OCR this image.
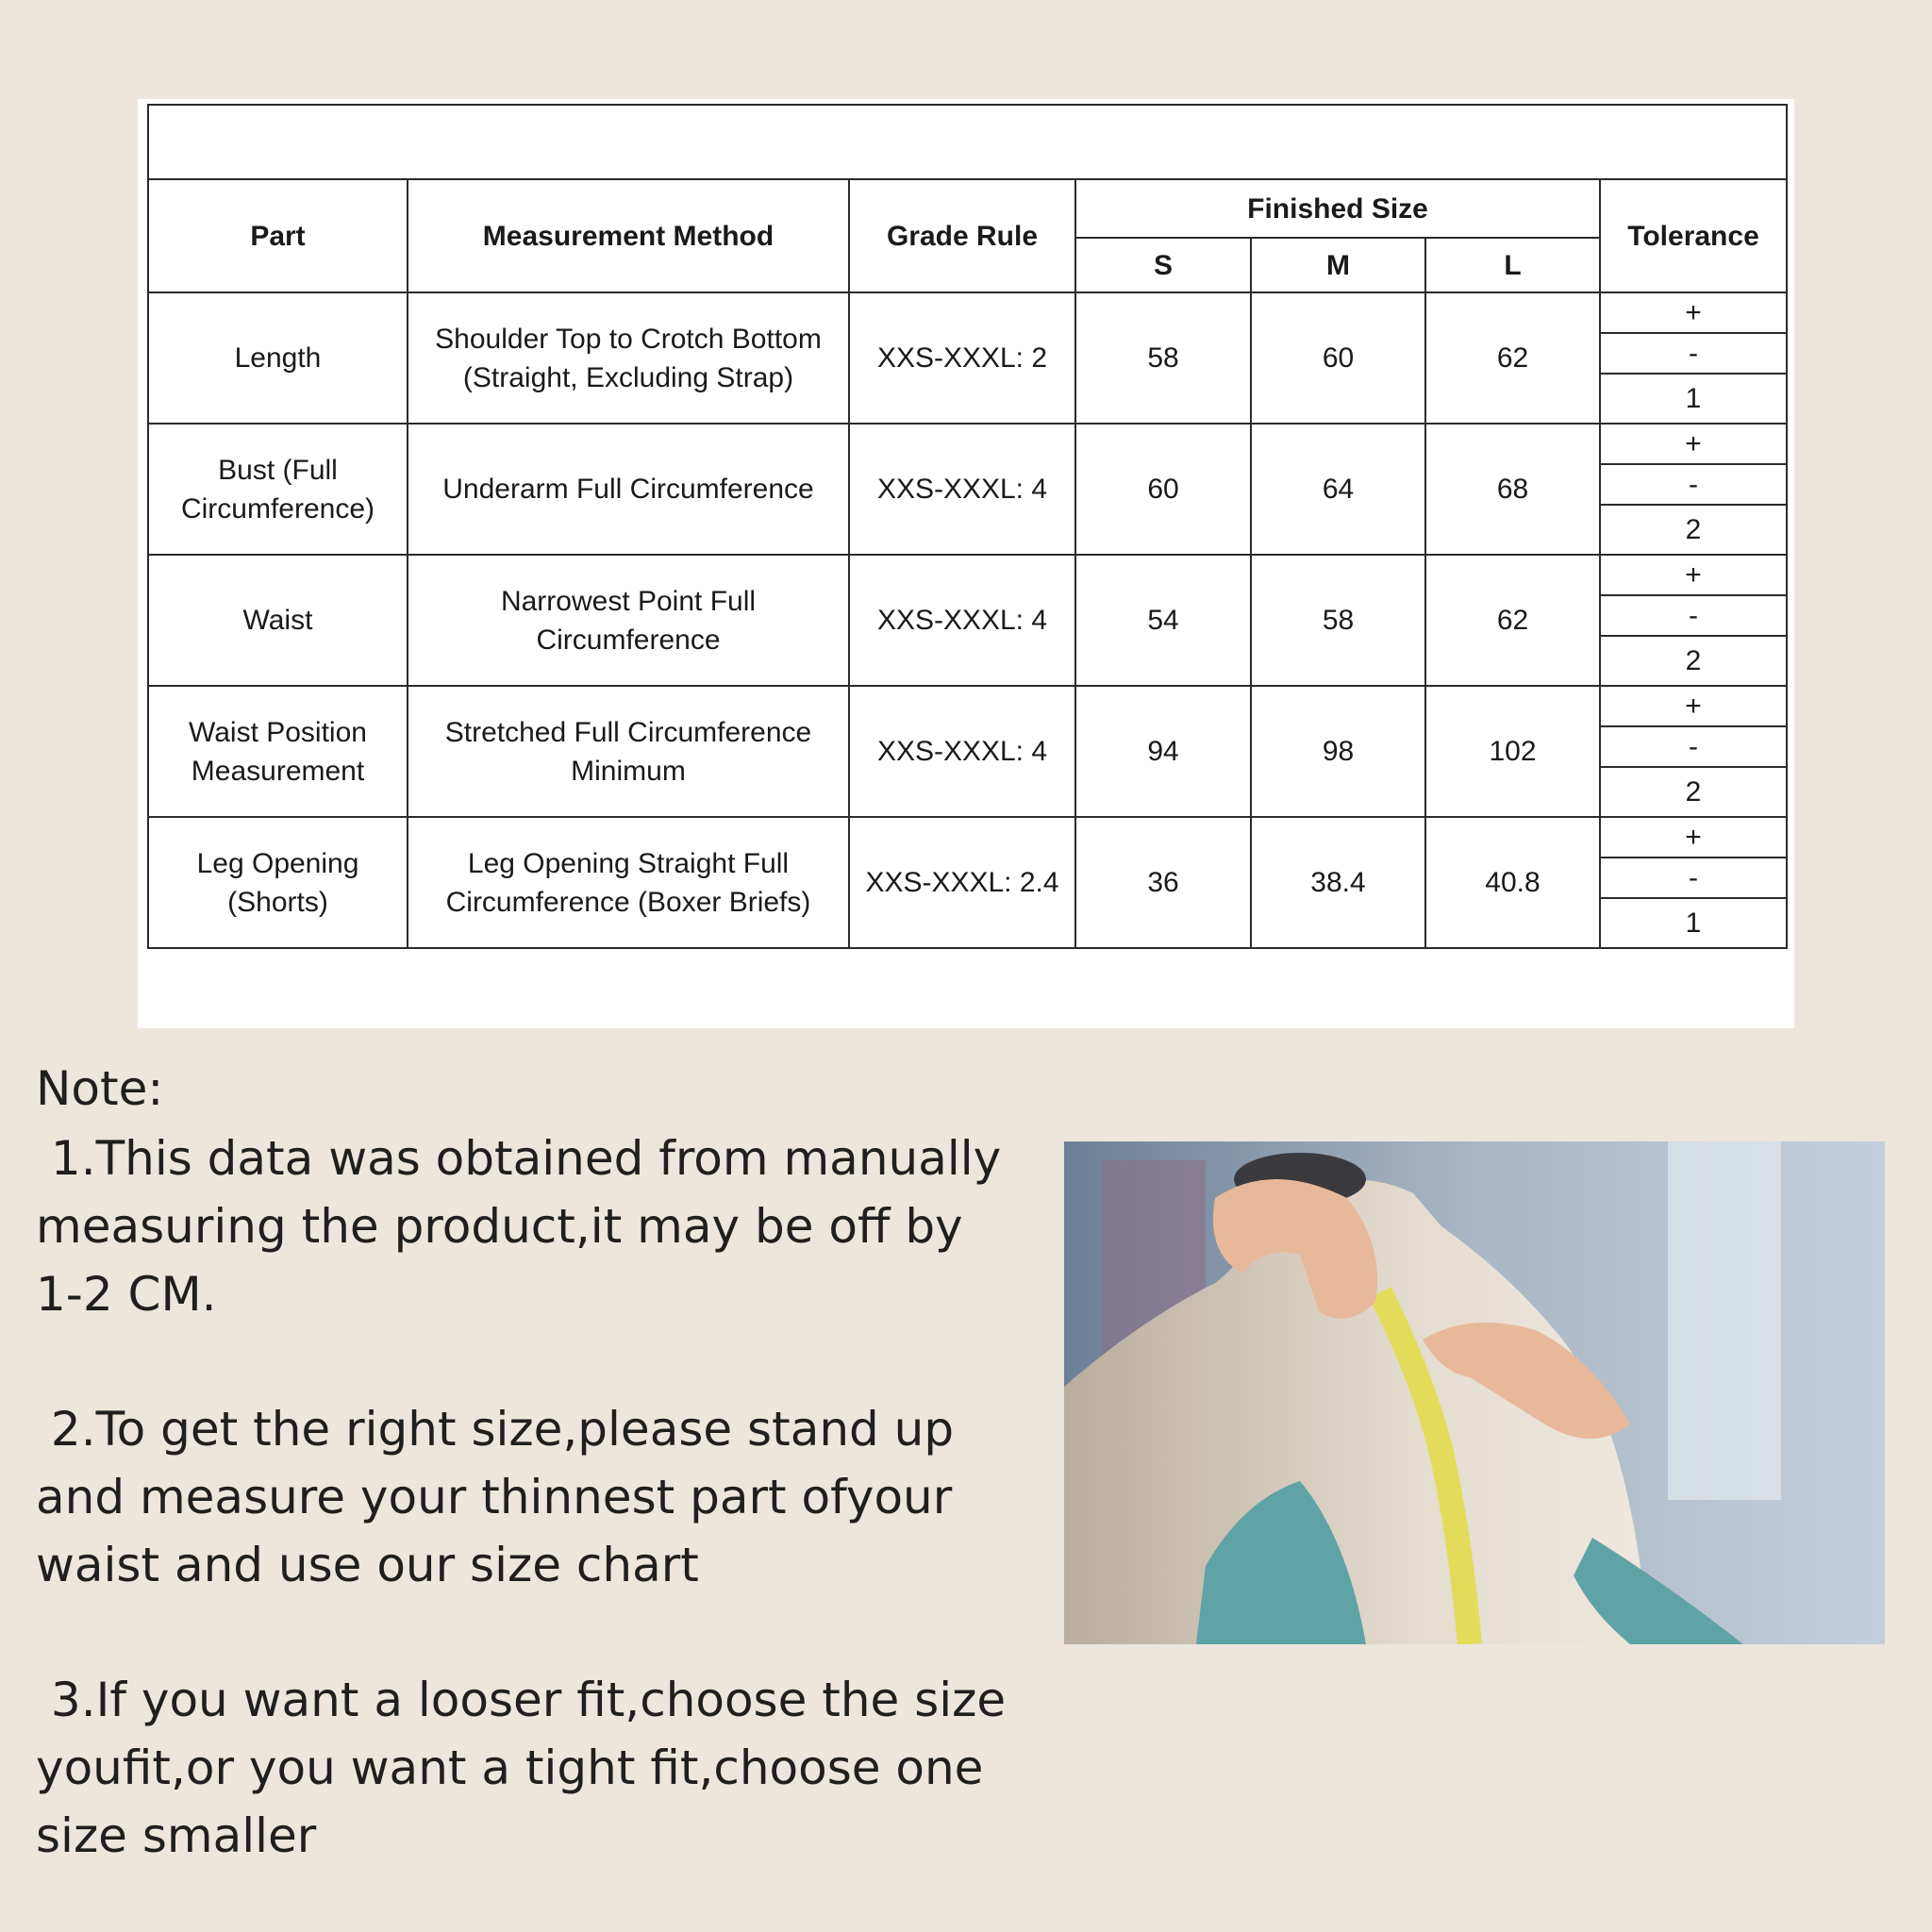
Part	Measurement Method	Grade Rule	Finished Size			Tolerance
			S	M	L	
Length	Shoulder Top to Crotch Bottom (Straight, Excluding Strap)	XXS-XXXL: 2	58	60	62	+
						-
						1
Bust (Full Circumference)	Underarm Full Circumference	XXS-XXXL: 4	60	64	68	+
						-
						2
Waist	Narrowest Point Full Circumference	XXS-XXXL: 4	54	58	62	+
						-
						2
Waist Position Measurement	Stretched Full Circumference Minimum	XXS-XXXL: 4	94	98	102	+
						-
						2
Leg Opening (Shorts)	Leg Opening Straight Full Circumference (Boxer Briefs)	XXS-XXXL: 2.4	36	38.4	40.8	+
						-
						1
Note:
1.This data was obtained from manually measuring the product,it may be off by 1-2 CM.
2.To get the right size,please stand up and measure your thinnest part ofyour waist and use our size chart
3.If you want a looser fit,choose the size youfit,or you want a tight fit,choose one size smaller
